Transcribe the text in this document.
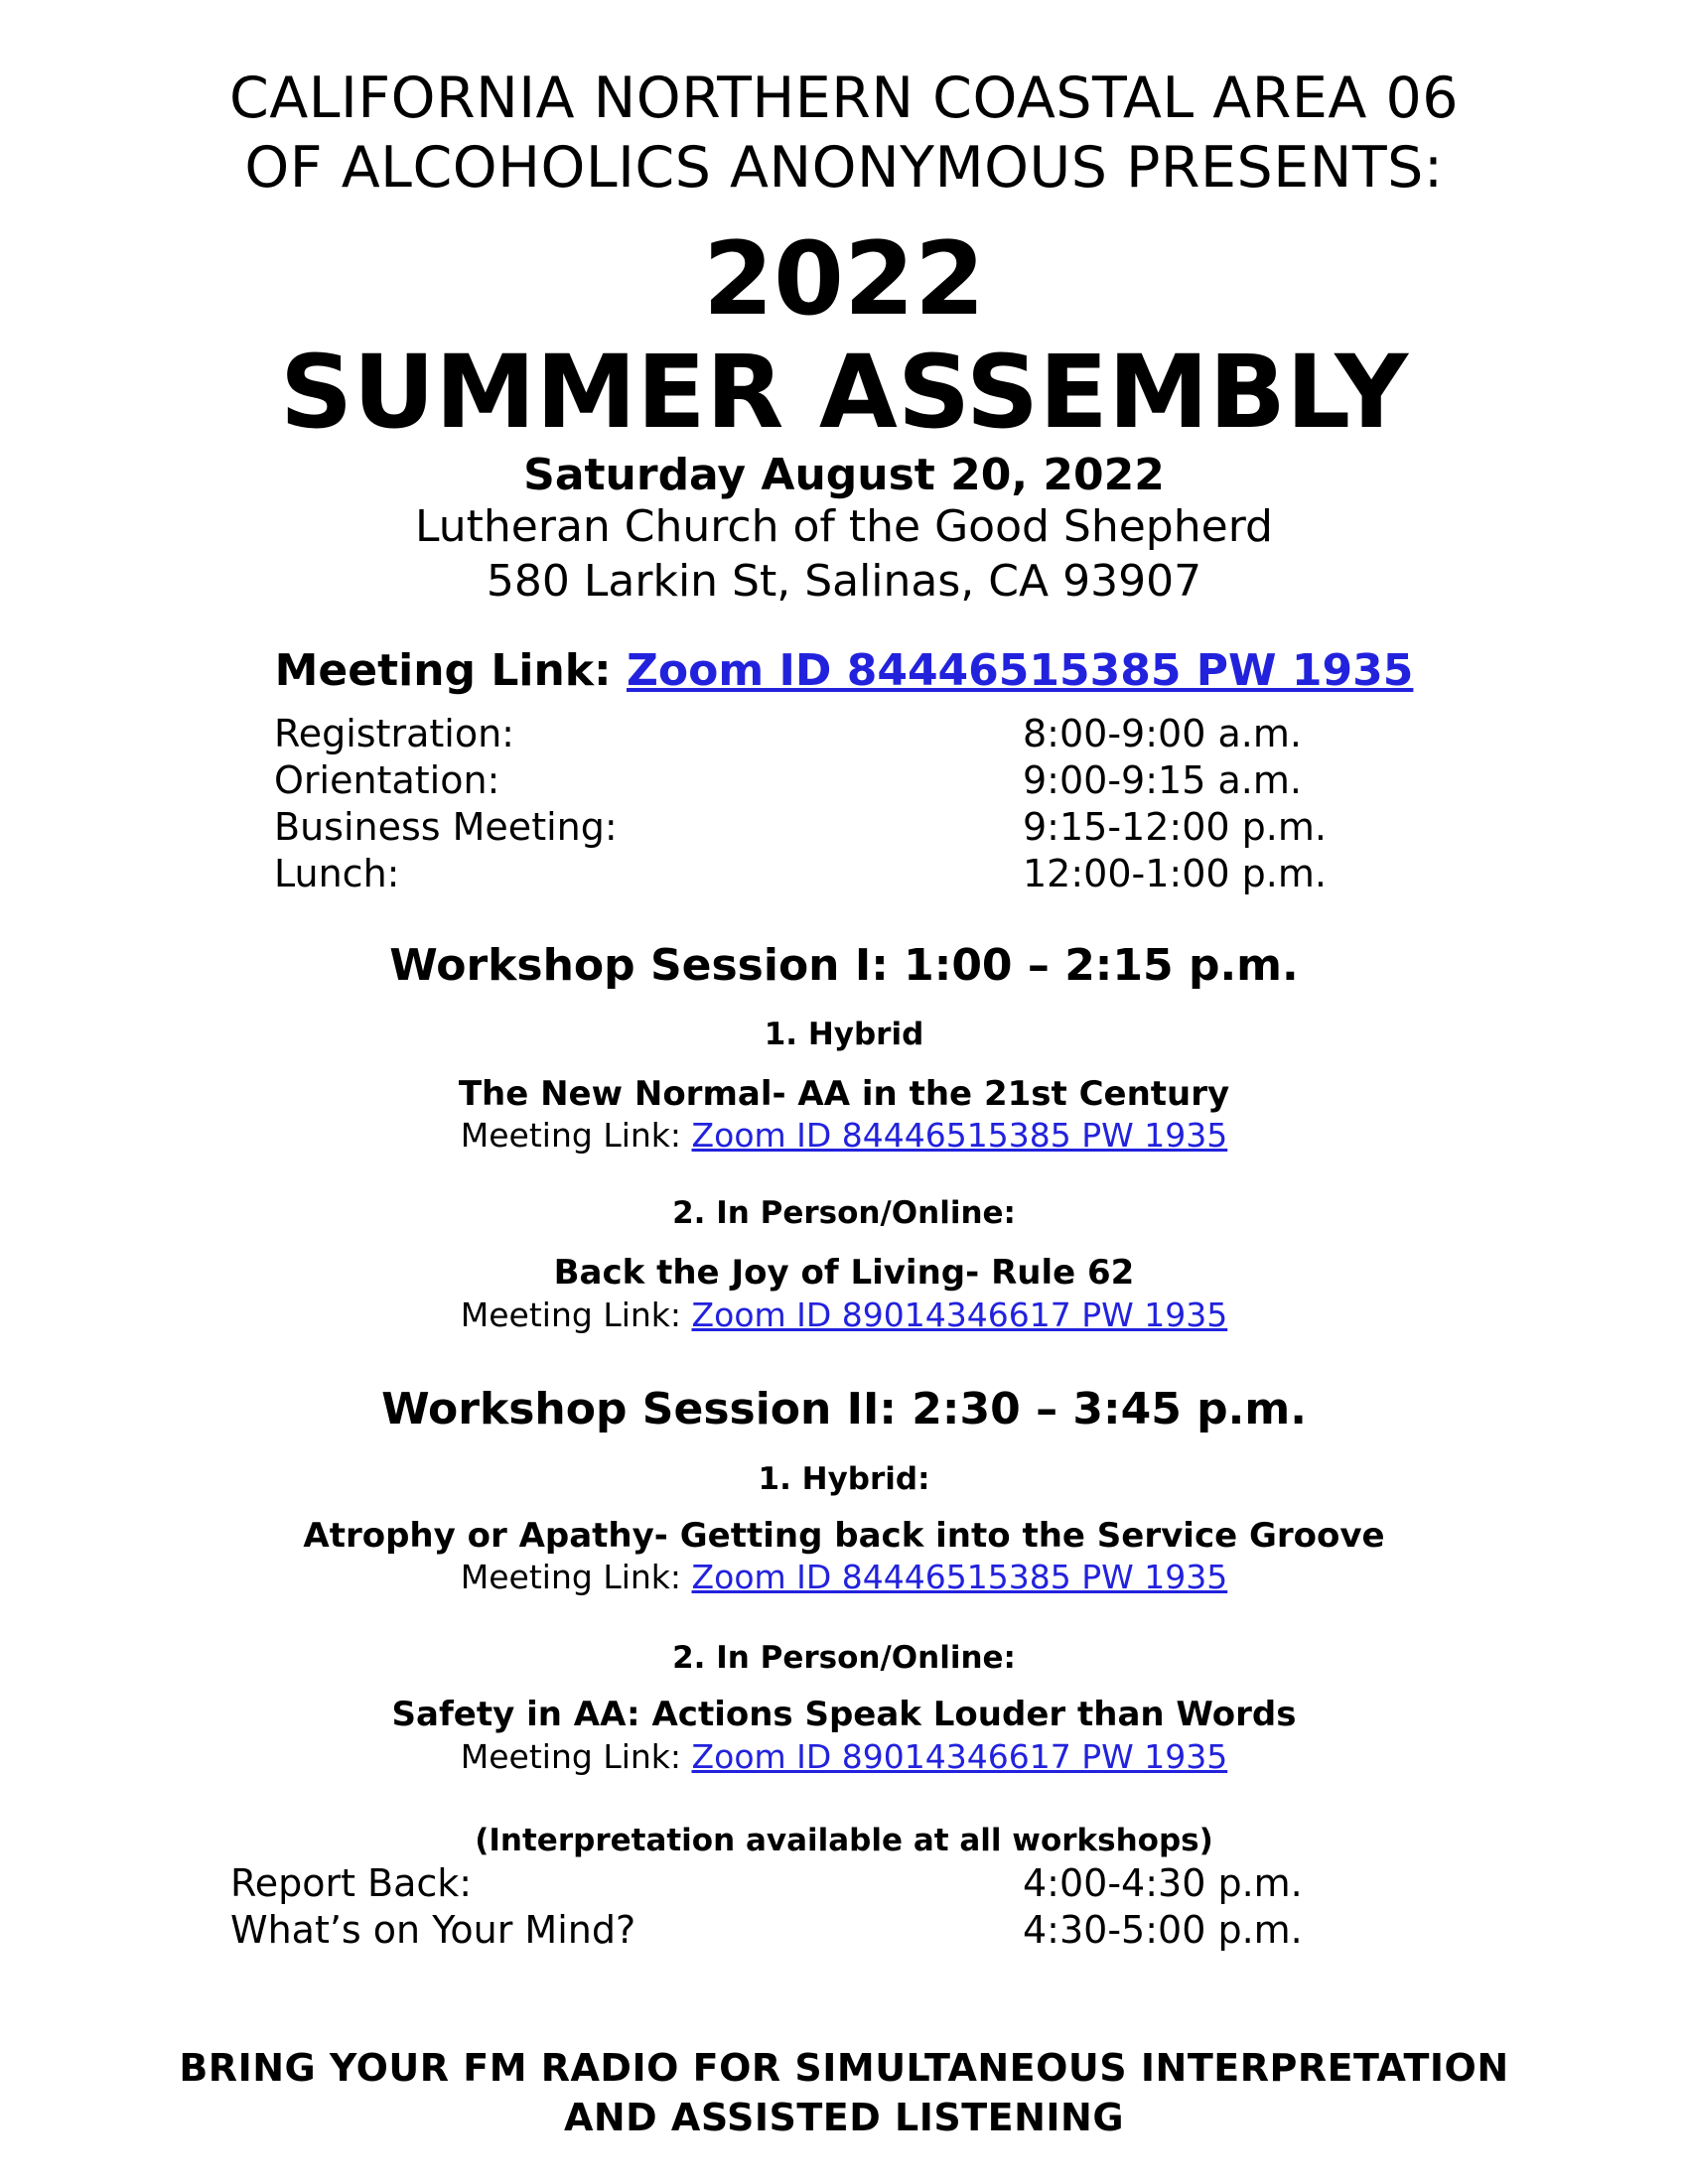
CALIFORNIA NORTHERN COASTAL AREA 06
OF ALCOHOLICS ANONYMOUS PRESENTS:
2022
SUMMER ASSEMBLY
Saturday August 20, 2022
Lutheran Church of the Good Shepherd
580 Larkin St, Salinas, CA 93907
Meeting Link: Zoom ID 84446515385 PW 1935
Registration:	8:00-9:00 a.m.
Orientation:	9:00-9:15 a.m.
Business Meeting:	9:15-12:00 p.m.
Lunch:	12:00-1:00 p.m.
Workshop Session I: 1:00 – 2:15 p.m.
1. Hybrid
The New Normal- AA in the 21st Century
Meeting Link: Zoom ID 84446515385 PW 1935
2. In Person/Online:
Back the Joy of Living- Rule 62
Meeting Link: Zoom ID 89014346617 PW 1935
Workshop Session II: 2:30 – 3:45 p.m.
1. Hybrid:
Atrophy or Apathy- Getting back into the Service Groove
Meeting Link: Zoom ID 84446515385 PW 1935
2. In Person/Online:
Safety in AA: Actions Speak Louder than Words
Meeting Link: Zoom ID 89014346617 PW 1935
(Interpretation available at all workshops)
Report Back:	4:00-4:30 p.m.
What’s on Your Mind?	4:30-5:00 p.m.
BRING YOUR FM RADIO FOR SIMULTANEOUS INTERPRETATION
AND ASSISTED LISTENING
